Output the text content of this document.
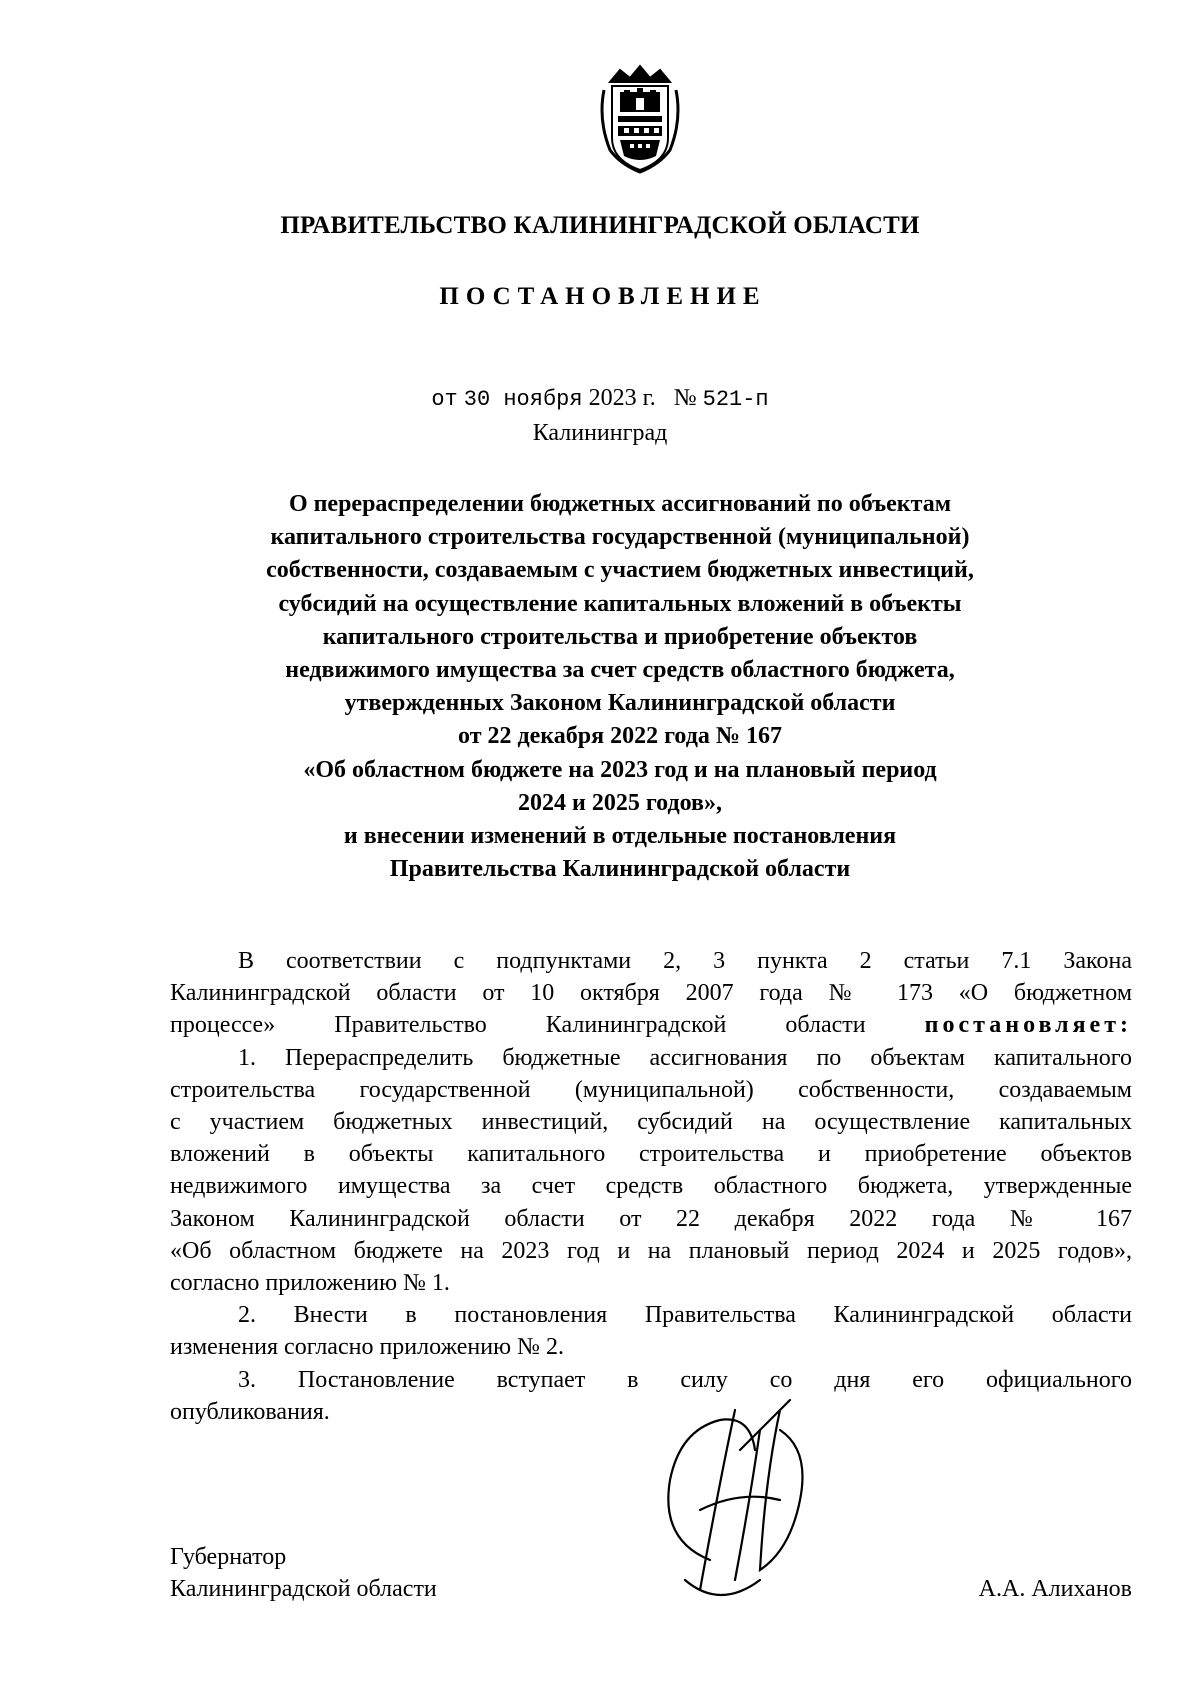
ПРАВИТЕЛЬСТВО КАЛИНИНГРАДСКОЙ ОБЛАСТИ
ПОСТАНОВЛЕНИЕ
от 30 ноября 2023 г. № 521-п
Калининград
О перераспределении бюджетных ассигнований по объектам
капитального строительства государственной (муниципальной)
собственности, создаваемым с участием бюджетных инвестиций,
субсидий на осуществление капитальных вложений в объекты
капитального строительства и приобретение объектов
недвижимого имущества за счет средств областного бюджета,
утвержденных Законом Калининградской области
от 22 декабря 2022 года № 167
«Об областном бюджете на 2023 год и на плановый период
2024 и 2025 годов»,
и внесении изменений в отдельные постановления
Правительства Калининградской области
В соответствии с подпунктами 2, 3 пункта 2 статьи 7.1 Закона
Калининградской области от 10 октября 2007 года № 173 «О бюджетном
процессе» Правительство Калининградской области постановляет:
1. Перераспределить бюджетные ассигнования по объектам капитального
строительства государственной (муниципальной) собственности, создаваемым
с участием бюджетных инвестиций, субсидий на осуществление капитальных
вложений в объекты капитального строительства и приобретение объектов
недвижимого имущества за счет средств областного бюджета, утвержденные
Законом Калининградской области от 22 декабря 2022 года № 167
«Об областном бюджете на 2023 год и на плановый период 2024 и 2025 годов»,
согласно приложению № 1.
2. Внести в постановления Правительства Калининградской области
изменения согласно приложению № 2.
3. Постановление вступает в силу со дня его официального
опубликования.
Губернатор
Калининградской области	А.А. Алиханов
